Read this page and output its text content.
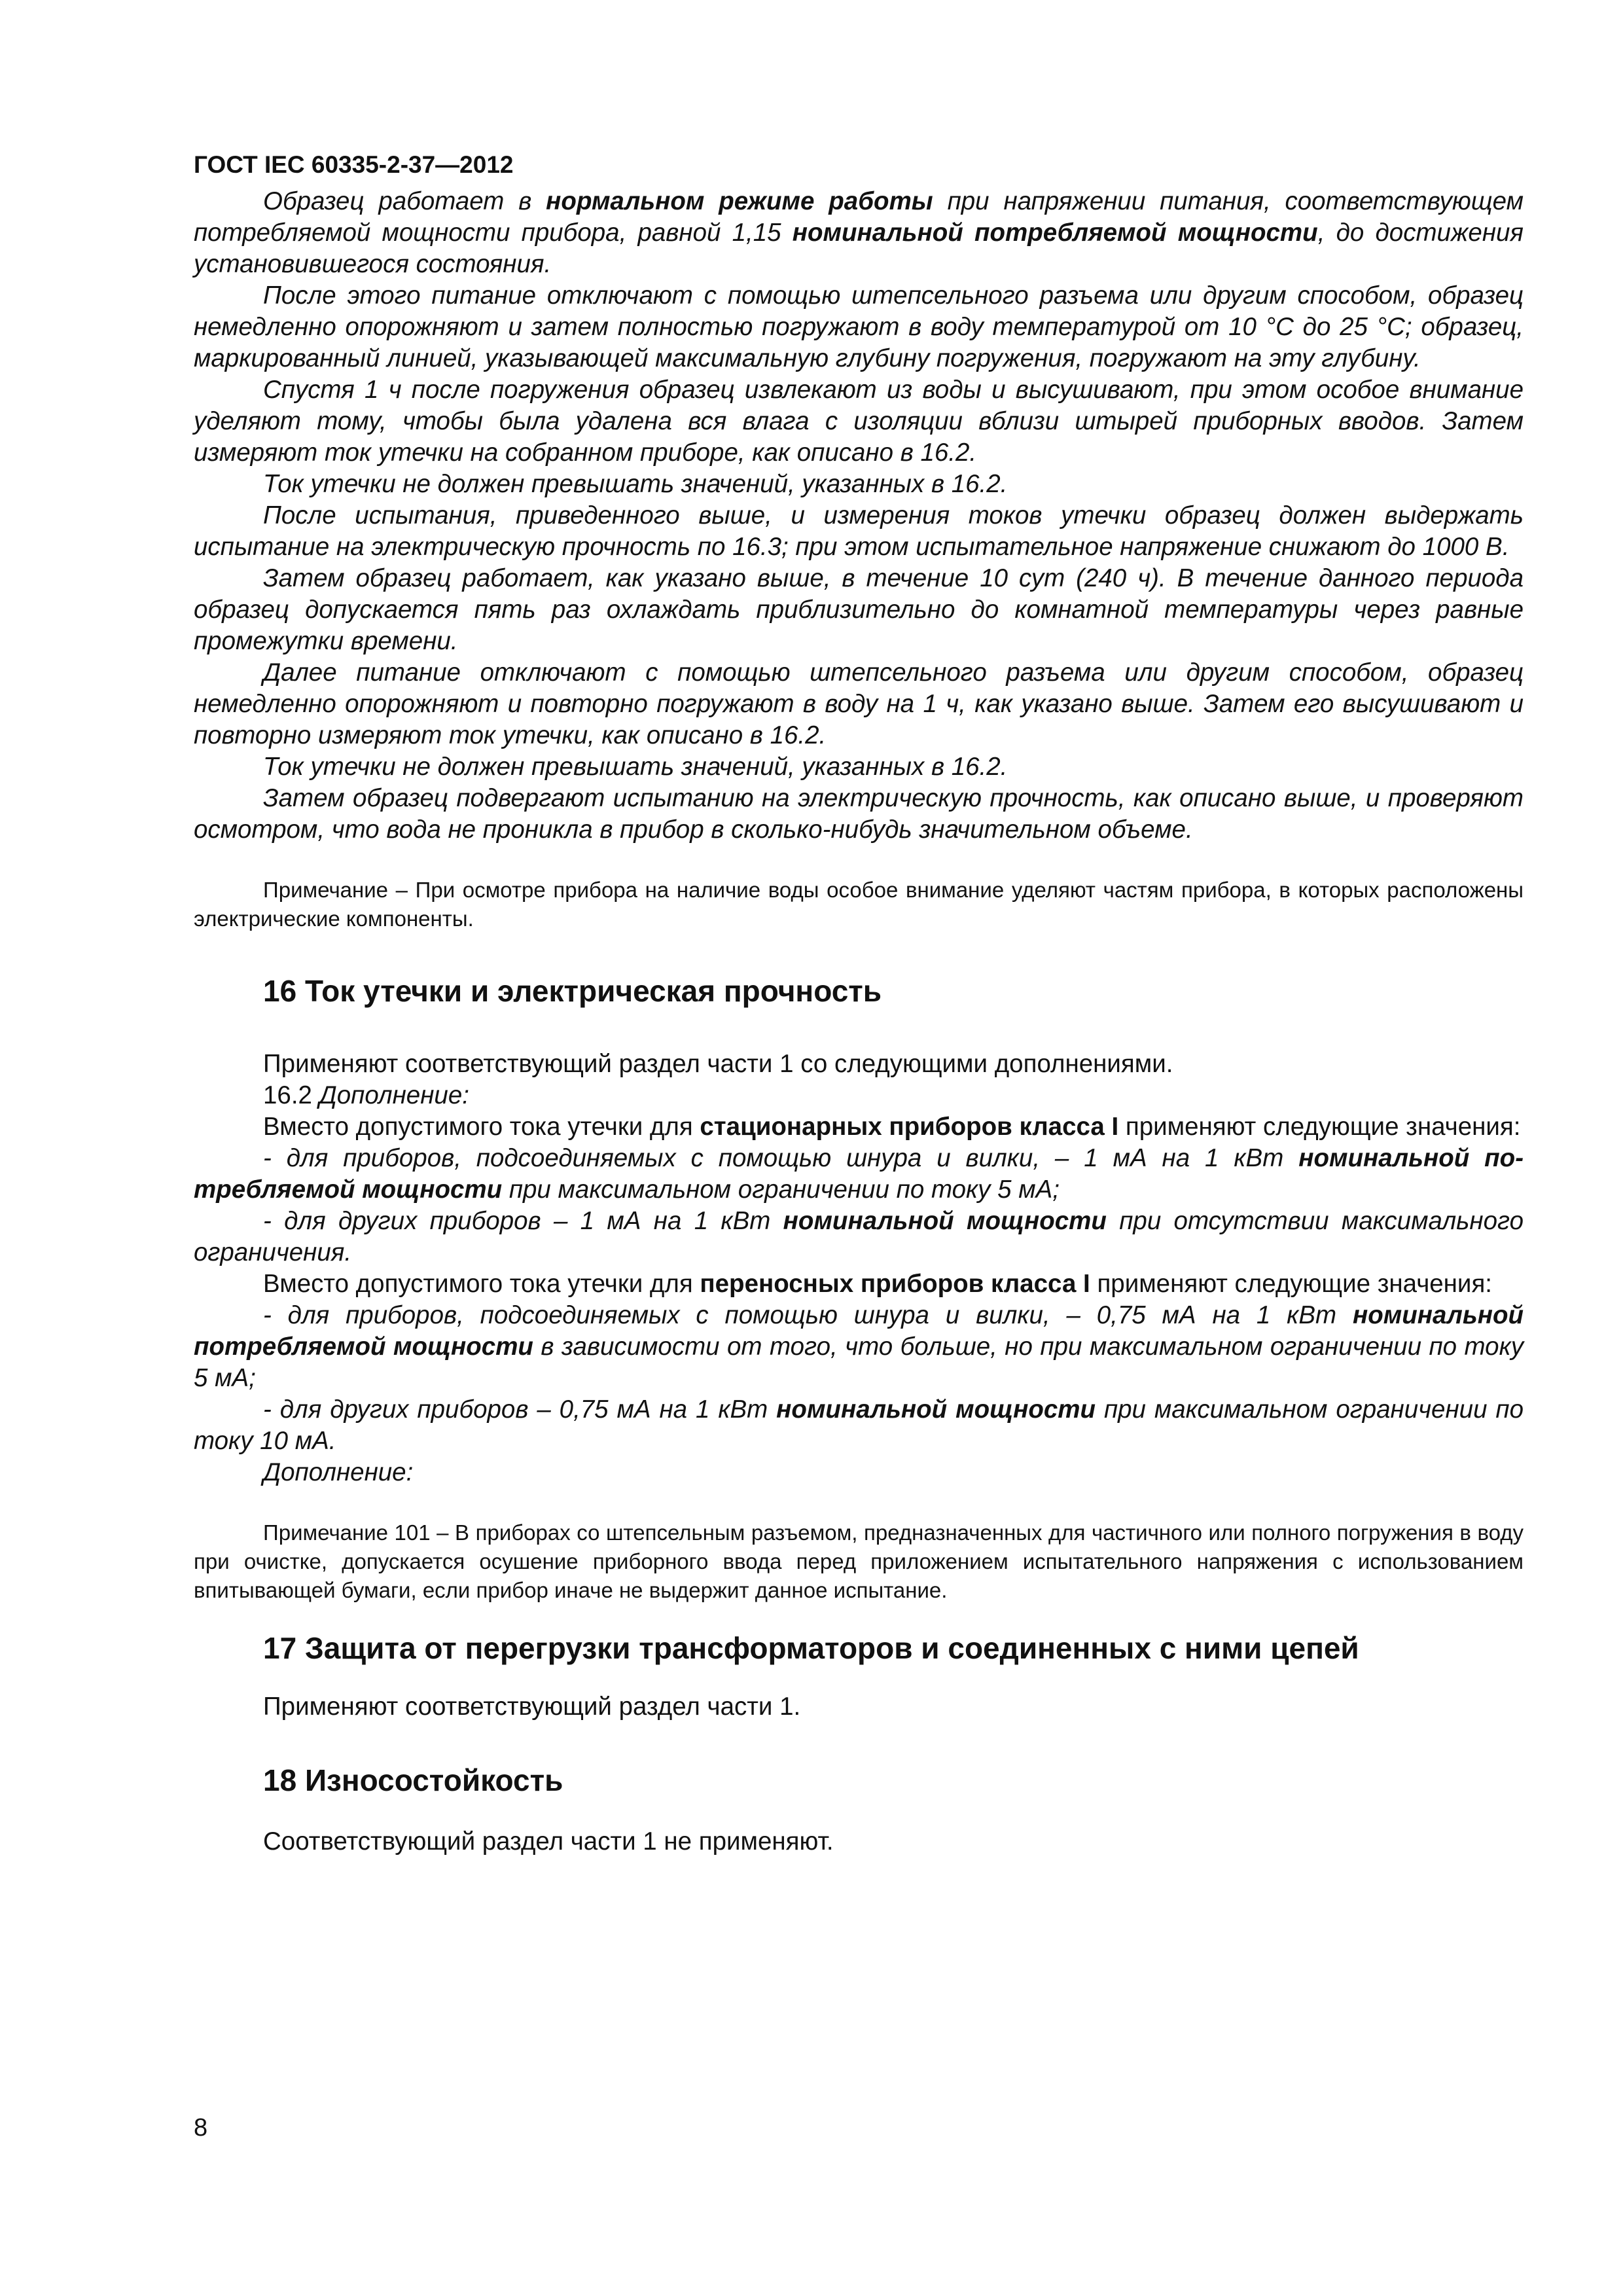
ГОСТ IEC 60335-2-37—2012

Образец работает в нормальном режиме работы при напряжении питания, соответствующем потребляемой мощности прибора, равной 1,15 номинальной потребляемой мощности, до достижения установившегося состояния.

После этого питание отключают с помощью штепсельного разъема или другим способом, образец немедленно опорожняют и затем полностью погружают в воду температурой от 10 °C до 25 °C; образец, маркированный линией, указывающей максимальную глубину погружения, погружают на эту глубину.

Спустя 1 ч после погружения образец извлекают из воды и высушивают, при этом особое внимание уделяют тому, чтобы была удалена вся влага с изоляции вблизи штырей приборных вводов. Затем измеряют ток утечки на собранном приборе, как описано в 16.2.

Ток утечки не должен превышать значений, указанных в 16.2.

После испытания, приведенного выше, и измерения токов утечки образец должен выдержать испытание на электрическую прочность по 16.3; при этом испытательное напряжение снижают до 1000 В.

Затем образец работает, как указано выше, в течение 10 сут (240 ч). В течение данного периода образец допускается пять раз охлаждать приблизительно до комнатной температуры через равные промежутки времени.

Далее питание отключают с помощью штепсельного разъема или другим способом, образец немедленно опорожняют и повторно погружают в воду на 1 ч, как указано выше. Затем его высушивают и повторно измеряют ток утечки, как описано в 16.2.

Ток утечки не должен превышать значений, указанных в 16.2.

Затем образец подвергают испытанию на электрическую прочность, как описано выше, и проверяют осмотром, что вода не проникла в прибор в сколько-нибудь значительном объеме.

Примечание – При осмотре прибора на наличие воды особое внимание уделяют частям прибора, в которых расположены электрические компоненты.

16 Ток утечки и электрическая прочность

Применяют соответствующий раздел части 1 со следующими дополнениями.

16.2 Дополнение:

Вместо допустимого тока утечки для стационарных приборов класса I применяют следующие значения:

- для приборов, подсоединяемых с помощью шнура и вилки, – 1 мА на 1 кВт номинальной потребляемой мощности при максимальном ограничении по току 5 мА;

- для других приборов – 1 мА на 1 кВт номинальной мощности при отсутствии максимального ограничения.

Вместо допустимого тока утечки для переносных приборов класса I применяют следующие значения:

- для приборов, подсоединяемых с помощью шнура и вилки, – 0,75 мА на 1 кВт номинальной потребляемой мощности в зависимости от того, что больше, но при максимальном ограничении по току 5 мА;

- для других приборов – 0,75 мА на 1 кВт номинальной мощности при максимальном ограничении по току 10 мА.

Дополнение:

Примечание 101 – В приборах со штепсельным разъемом, предназначенных для частичного или полного погружения в воду при очистке, допускается осушение приборного ввода перед приложением испытательного напряжения с использованием впитывающей бумаги, если прибор иначе не выдержит данное испытание.

17 Защита от перегрузки трансформаторов и соединенных с ними цепей

Применяют соответствующий раздел части 1.

18 Износостойкость

Соответствующий раздел части 1 не применяют.

8
